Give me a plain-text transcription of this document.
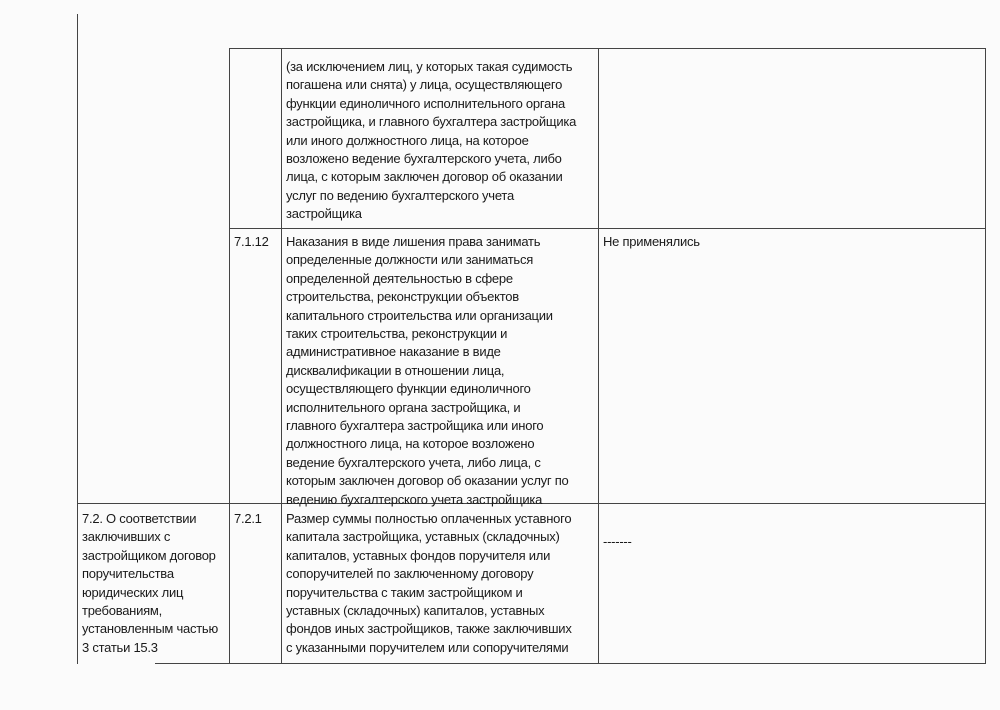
(за исключением лиц, у которых такая судимость
погашена или снята) у лица, осуществляющего
функции единоличного исполнительного органа
застройщика, и главного бухгалтера застройщика
или иного должностного лица, на которое
возложено ведение бухгалтерского учета, либо
лица, с которым заключен договор об оказании
услуг по ведению бухгалтерского учета
застройщика
7.1.12 Наказания в виде лишения права занимать
определенные должности или заниматься
определенной деятельностью в сфере
строительства, реконструкции объектов
капитального строительства или организации
таких строительства, реконструкции и
административное наказание в виде
дисквалификации в отношении лица,
осуществляющего функции единоличного
исполнительного органа застройщика, и
главного бухгалтера застройщика или иного
должностного лица, на которое возложено
ведение бухгалтерского учета, либо лица, с
которым заключен договор об оказании услуг по
ведению бухгалтерского учета застройщика
Не применялись
7.2. О соответствии
заключивших с
застройщиком договор
поручительства
юридических лиц
требованиям,
установленным частью
3 статьи 15.3
7.2.1 Размер суммы полностью оплаченных уставного
капитала застройщика, уставных (складочных)
капиталов, уставных фондов поручителя или
сопоручителей по заключенному договору
поручительства с таким застройщиком и
уставных (складочных) капиталов, уставных
фондов иных застройщиков, также заключивших
с указанными поручителем или сопоручителями
-------
